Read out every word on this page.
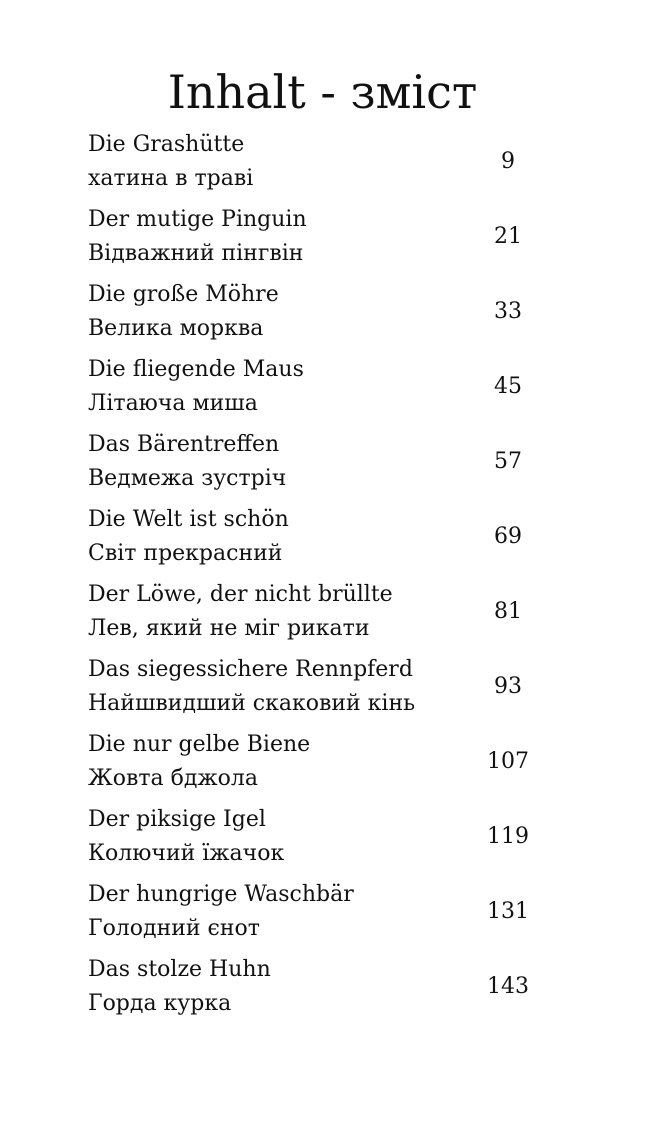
Inhalt - зміст
Die Grashütte
хатина в траві
9
Der mutige Pinguin
Відважний пінгвін
21
Die große Möhre
Велика морква
33
Die fliegende Maus
Літаюча миша
45
Das Bärentreffen
Ведмежа зустріч
57
Die Welt ist schön
Світ прекрасний
69
Der Löwe, der nicht brüllte
Лев, який не міг рикати
81
Das siegessichere Rennpferd
Найшвидший скаковий кінь
93
Die nur gelbe Biene
Жовта бджола
107
Der piksige Igel
Колючий їжачок
119
Der hungrige Waschbär
Голодний єнот
131
Das stolze Huhn
Горда курка
143
